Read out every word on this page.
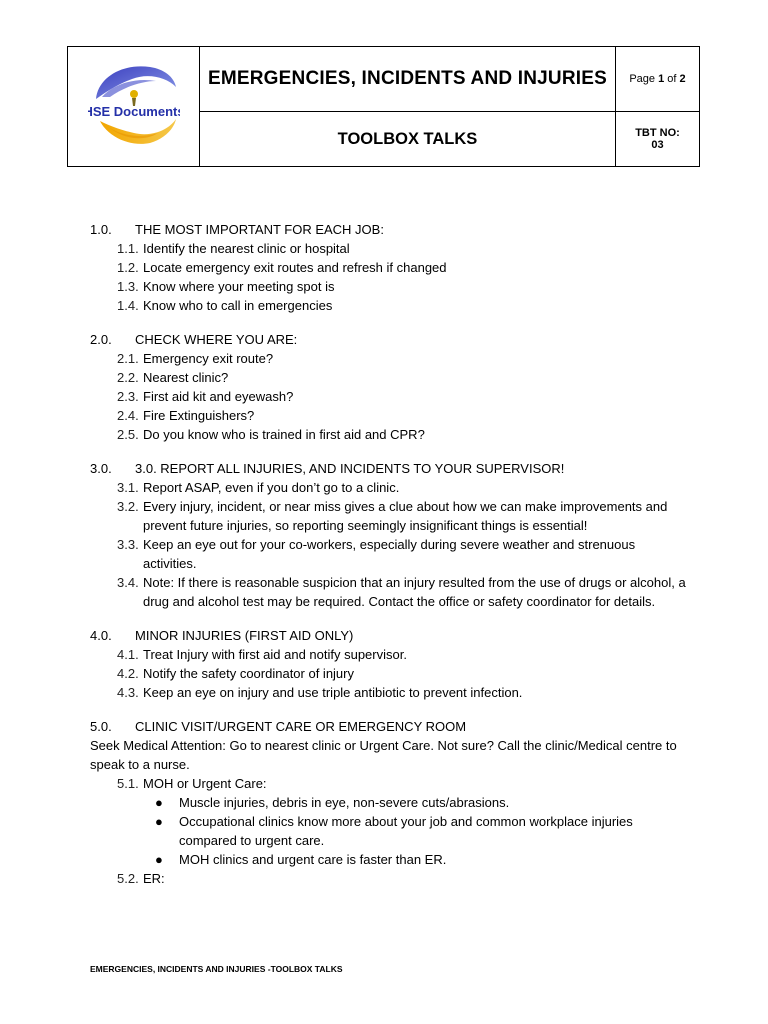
HSE Documents	EMERGENCIES, INCIDENTS AND INJURIES	Page 1 of 2
	TOOLBOX TALKS	TBT NO:
03
1.0.	THE MOST IMPORTANT FOR EACH JOB:
1.1. Identify the nearest clinic or hospital
1.2. Locate emergency exit routes and refresh if changed
1.3. Know where your meeting spot is
1.4. Know who to call in emergencies
2.0.	CHECK WHERE YOU ARE:
2.1. Emergency exit route?
2.2. Nearest clinic?
2.3. First aid kit and eyewash?
2.4. Fire Extinguishers?
2.5. Do you know who is trained in first aid and CPR?
3.0.	3.0. REPORT ALL INJURIES, AND INCIDENTS TO YOUR SUPERVISOR!
3.1. Report ASAP, even if you don’t go to a clinic.
3.2. Every injury, incident, or near miss gives a clue about how we can make improvements and prevent future injuries, so reporting seemingly insignificant things is essential!
3.3. Keep an eye out for your co-workers, especially during severe weather and strenuous activities.
3.4. Note: If there is reasonable suspicion that an injury resulted from the use of drugs or alcohol, a drug and alcohol test may be required. Contact the office or safety coordinator for details.
4.0.	MINOR INJURIES (FIRST AID ONLY)
4.1. Treat Injury with first aid and notify supervisor.
4.2. Notify the safety coordinator of injury
4.3. Keep an eye on injury and use triple antibiotic to prevent infection.
5.0.	CLINIC VISIT/URGENT CARE OR EMERGENCY ROOM
Seek Medical Attention: Go to nearest clinic or Urgent Care. Not sure? Call the clinic/Medical centre to speak to a nurse.
5.1. MOH or Urgent Care:
●	Muscle injuries, debris in eye, non-severe cuts/abrasions.
●	Occupational clinics know more about your job and common workplace injuries compared to urgent care.
●	MOH clinics and urgent care is faster than ER.
5.2. ER:
EMERGENCIES, INCIDENTS AND INJURIES -TOOLBOX TALKS
